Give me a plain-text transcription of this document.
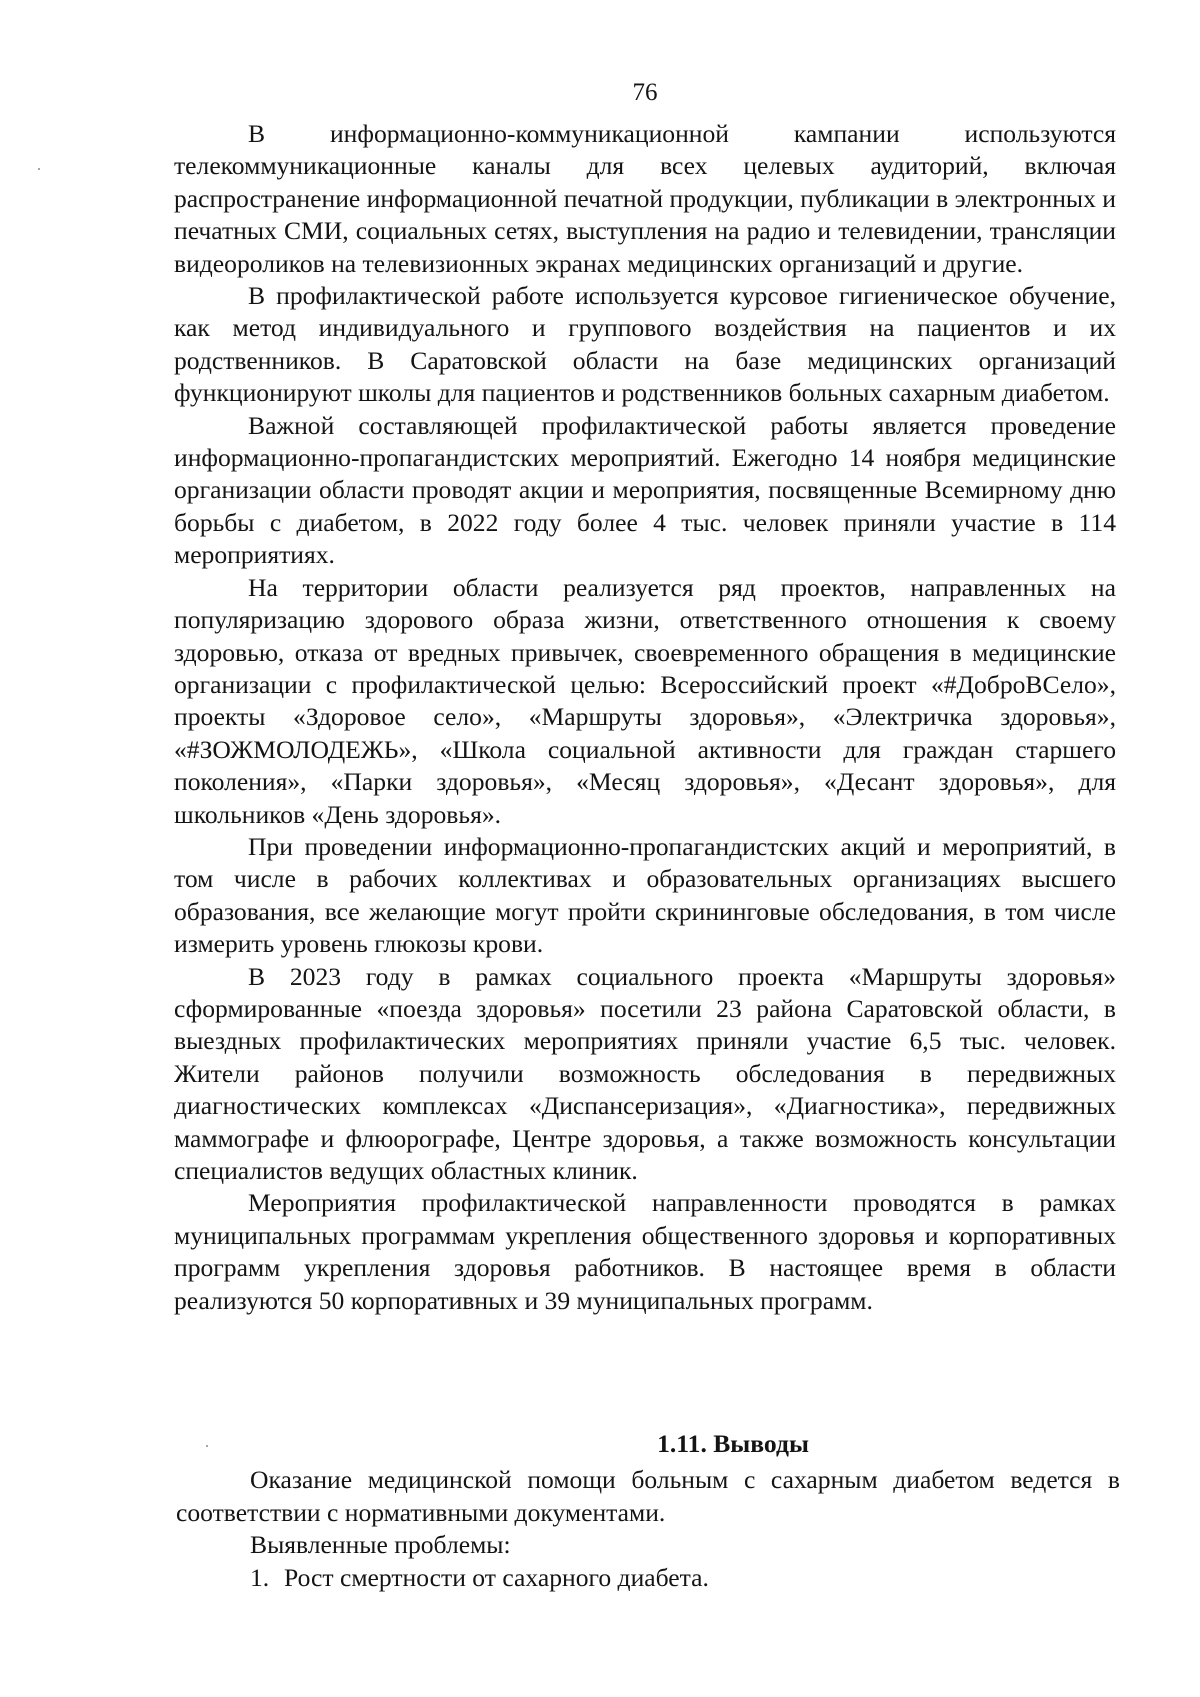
76

В информационно-коммуникационной кампании используются телекоммуникационные каналы для всех целевых аудиторий, включая распространение информационной печатной продукции, публикации в электронных и печатных СМИ, социальных сетях, выступления на радио и телевидении, трансляции видеороликов на телевизионных экранах медицинских организаций и другие.

В профилактической работе используется курсовое гигиеническое обучение, как метод индивидуального и группового воздействия на пациентов и их родственников. В Саратовской области на базе медицинских организаций функционируют школы для пациентов и родственников больных сахарным диабетом.

Важной составляющей профилактической работы является проведение информационно-пропагандистских мероприятий. Ежегодно 14 ноября медицинские организации области проводят акции и мероприятия, посвященные Всемирному дню борьбы с диабетом, в 2022 году более 4 тыс. человек приняли участие в 114 мероприятиях.

На территории области реализуется ряд проектов, направленных на популяризацию здорового образа жизни, ответственного отношения к своему здоровью, отказа от вредных привычек, своевременного обращения в медицинские организации с профилактической целью: Всероссийский проект «#ДоброВСело», проекты «Здоровое село», «Маршруты здоровья», «Электричка здоровья», «#ЗОЖМОЛОДЕЖЬ», «Школа социальной активности для граждан старшего поколения», «Парки здоровья», «Месяц здоровья», «Десант здоровья», для школьников «День здоровья».

При проведении информационно-пропагандистских акций и мероприятий, в том числе в рабочих коллективах и образовательных организациях высшего образования, все желающие могут пройти скрининговые обследования, в том числе измерить уровень глюкозы крови.

В 2023 году в рамках социального проекта «Маршруты здоровья» сформированные «поезда здоровья» посетили 23 района Саратовской области, в выездных профилактических мероприятиях приняли участие 6,5 тыс. человек. Жители районов получили возможность обследования в передвижных диагностических комплексах «Диспансеризация», «Диагностика», передвижных маммографе и флюорографе, Центре здоровья, а также возможность консультации специалистов ведущих областных клиник.

Мероприятия профилактической направленности проводятся в рамках муниципальных программам укрепления общественного здоровья и корпоративных программ укрепления здоровья работников. В настоящее время в области реализуются 50 корпоративных и 39 муниципальных программ.

1.11. Выводы

Оказание медицинской помощи больным с сахарным диабетом ведется в соответствии с нормативными документами.

Выявленные проблемы:

1. Рост смертности от сахарного диабета.
